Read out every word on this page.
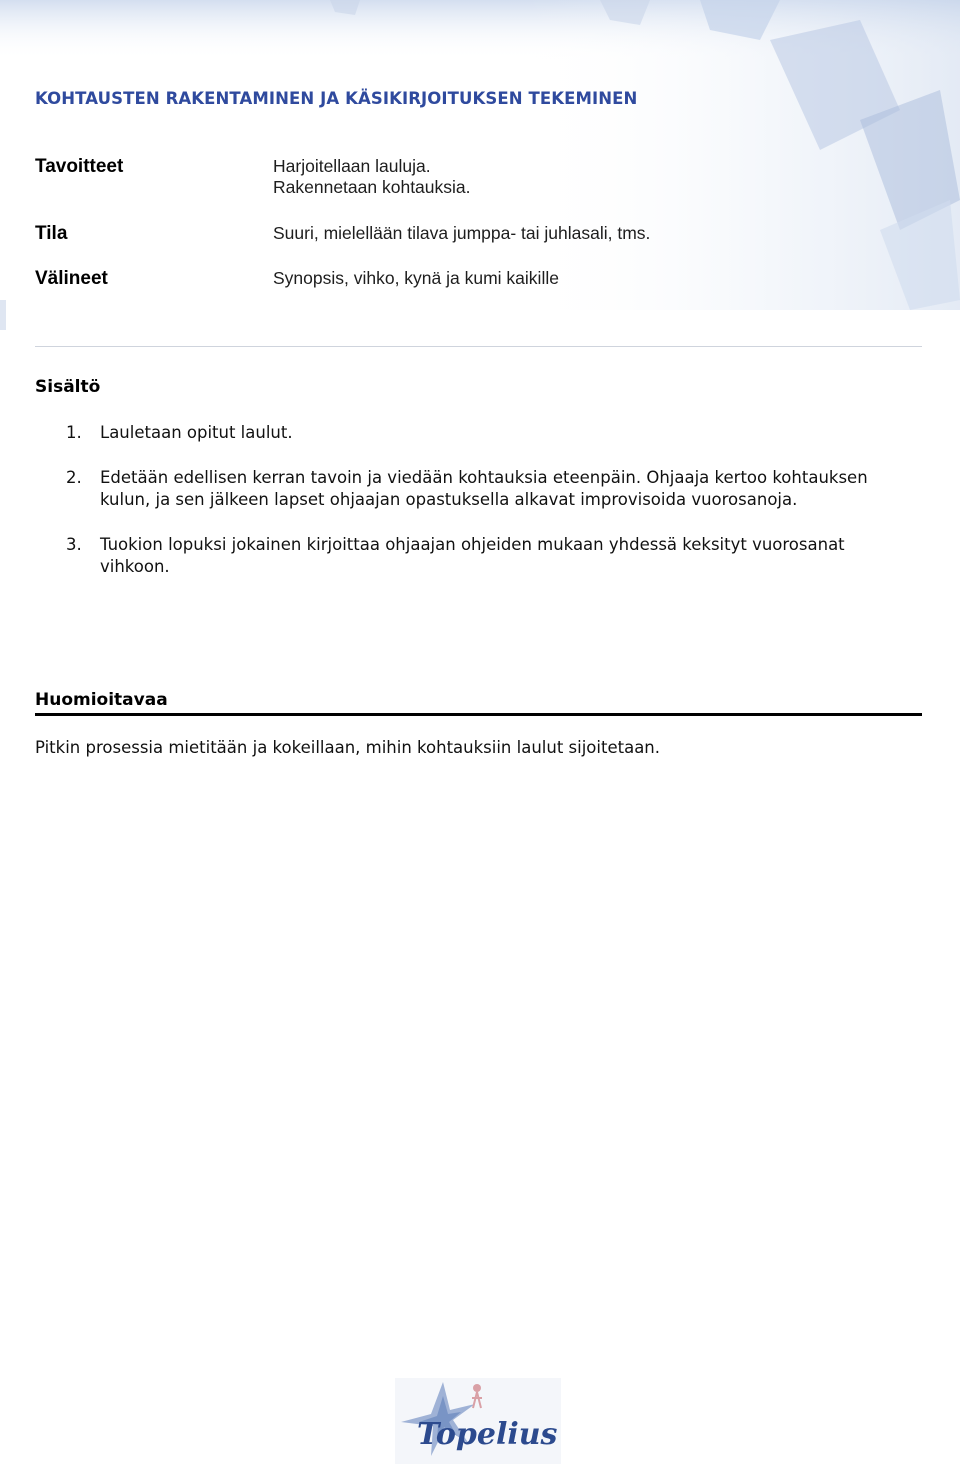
KOHTAUSTEN RAKENTAMINEN JA KÄSIKIRJOITUKSEN TEKEMINEN
Tavoitteet	Harjoitellaan lauluja.
Rakennetaan kohtauksia.
Tila	Suuri, mielellään tilava jumppa- tai juhlasali, tms.
Välineet	Synopsis, vihko, kynä ja kumi kaikille
Sisältö
1. Lauletaan opitut laulut.
2. Edetään edellisen kerran tavoin ja viedään kohtauksia eteenpäin. Ohjaaja kertoo kohtauksen kulun, ja sen jälkeen lapset ohjaajan opastuksella alkavat improvisoida vuorosanoja.
3. Tuokion lopuksi jokainen kirjoittaa ohjaajan ohjeiden mukaan yhdessä keksityt vuorosanat vihkoon.
Huomioitavaa

Pitkin prosessia mietitään ja kokeillaan, mihin kohtauksiin laulut sijoitetaan.

Topelius
